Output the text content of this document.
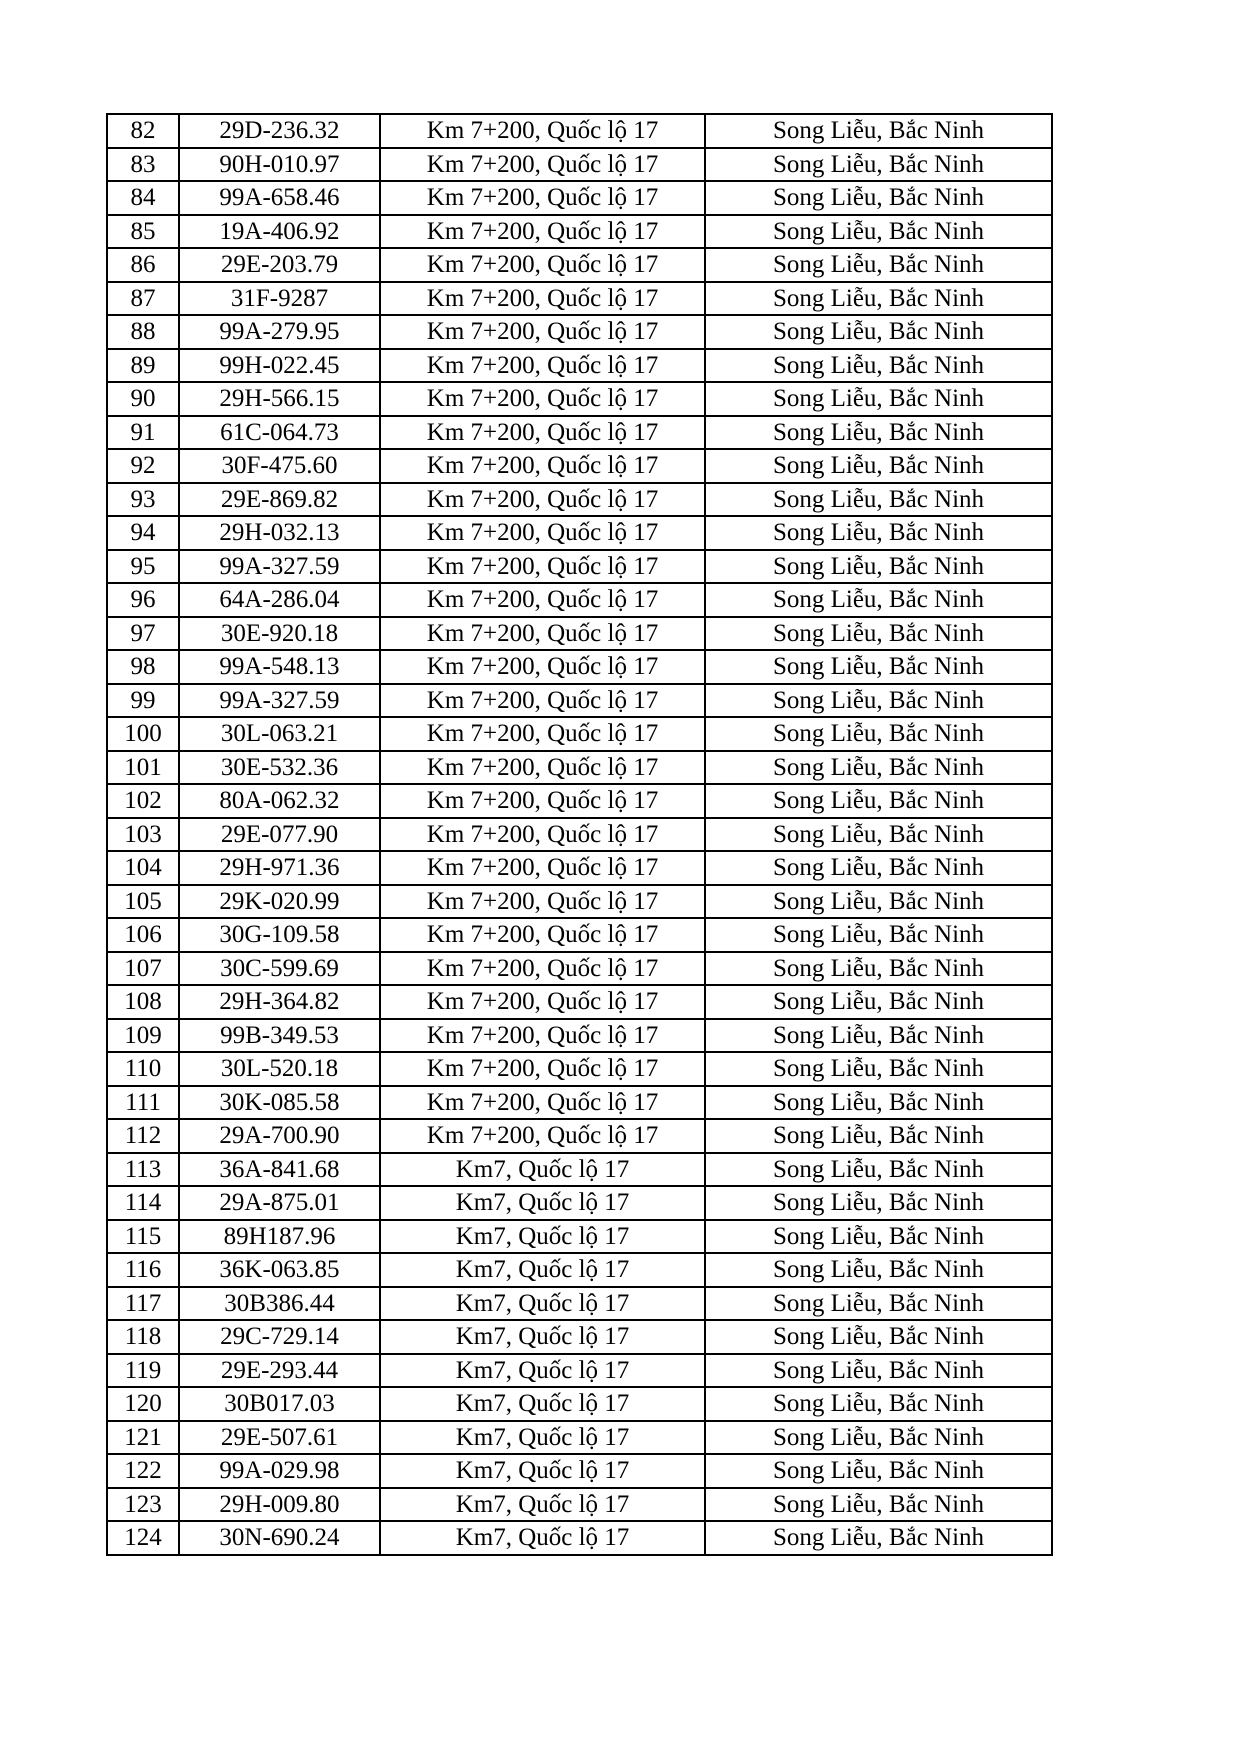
82	29D-236.32	Km 7+200, Quốc lộ 17	Song Liễu, Bắc Ninh
83	90H-010.97	Km 7+200, Quốc lộ 17	Song Liễu, Bắc Ninh
84	99A-658.46	Km 7+200, Quốc lộ 17	Song Liễu, Bắc Ninh
85	19A-406.92	Km 7+200, Quốc lộ 17	Song Liễu, Bắc Ninh
86	29E-203.79	Km 7+200, Quốc lộ 17	Song Liễu, Bắc Ninh
87	31F-9287	Km 7+200, Quốc lộ 17	Song Liễu, Bắc Ninh
88	99A-279.95	Km 7+200, Quốc lộ 17	Song Liễu, Bắc Ninh
89	99H-022.45	Km 7+200, Quốc lộ 17	Song Liễu, Bắc Ninh
90	29H-566.15	Km 7+200, Quốc lộ 17	Song Liễu, Bắc Ninh
91	61C-064.73	Km 7+200, Quốc lộ 17	Song Liễu, Bắc Ninh
92	30F-475.60	Km 7+200, Quốc lộ 17	Song Liễu, Bắc Ninh
93	29E-869.82	Km 7+200, Quốc lộ 17	Song Liễu, Bắc Ninh
94	29H-032.13	Km 7+200, Quốc lộ 17	Song Liễu, Bắc Ninh
95	99A-327.59	Km 7+200, Quốc lộ 17	Song Liễu, Bắc Ninh
96	64A-286.04	Km 7+200, Quốc lộ 17	Song Liễu, Bắc Ninh
97	30E-920.18	Km 7+200, Quốc lộ 17	Song Liễu, Bắc Ninh
98	99A-548.13	Km 7+200, Quốc lộ 17	Song Liễu, Bắc Ninh
99	99A-327.59	Km 7+200, Quốc lộ 17	Song Liễu, Bắc Ninh
100	30L-063.21	Km 7+200, Quốc lộ 17	Song Liễu, Bắc Ninh
101	30E-532.36	Km 7+200, Quốc lộ 17	Song Liễu, Bắc Ninh
102	80A-062.32	Km 7+200, Quốc lộ 17	Song Liễu, Bắc Ninh
103	29E-077.90	Km 7+200, Quốc lộ 17	Song Liễu, Bắc Ninh
104	29H-971.36	Km 7+200, Quốc lộ 17	Song Liễu, Bắc Ninh
105	29K-020.99	Km 7+200, Quốc lộ 17	Song Liễu, Bắc Ninh
106	30G-109.58	Km 7+200, Quốc lộ 17	Song Liễu, Bắc Ninh
107	30C-599.69	Km 7+200, Quốc lộ 17	Song Liễu, Bắc Ninh
108	29H-364.82	Km 7+200, Quốc lộ 17	Song Liễu, Bắc Ninh
109	99B-349.53	Km 7+200, Quốc lộ 17	Song Liễu, Bắc Ninh
110	30L-520.18	Km 7+200, Quốc lộ 17	Song Liễu, Bắc Ninh
111	30K-085.58	Km 7+200, Quốc lộ 17	Song Liễu, Bắc Ninh
112	29A-700.90	Km 7+200, Quốc lộ 17	Song Liễu, Bắc Ninh
113	36A-841.68	Km7, Quốc lộ 17	Song Liễu, Bắc Ninh
114	29A-875.01	Km7, Quốc lộ 17	Song Liễu, Bắc Ninh
115	89H187.96	Km7, Quốc lộ 17	Song Liễu, Bắc Ninh
116	36K-063.85	Km7, Quốc lộ 17	Song Liễu, Bắc Ninh
117	30B386.44	Km7, Quốc lộ 17	Song Liễu, Bắc Ninh
118	29C-729.14	Km7, Quốc lộ 17	Song Liễu, Bắc Ninh
119	29E-293.44	Km7, Quốc lộ 17	Song Liễu, Bắc Ninh
120	30B017.03	Km7, Quốc lộ 17	Song Liễu, Bắc Ninh
121	29E-507.61	Km7, Quốc lộ 17	Song Liễu, Bắc Ninh
122	99A-029.98	Km7, Quốc lộ 17	Song Liễu, Bắc Ninh
123	29H-009.80	Km7, Quốc lộ 17	Song Liễu, Bắc Ninh
124	30N-690.24	Km7, Quốc lộ 17	Song Liễu, Bắc Ninh
